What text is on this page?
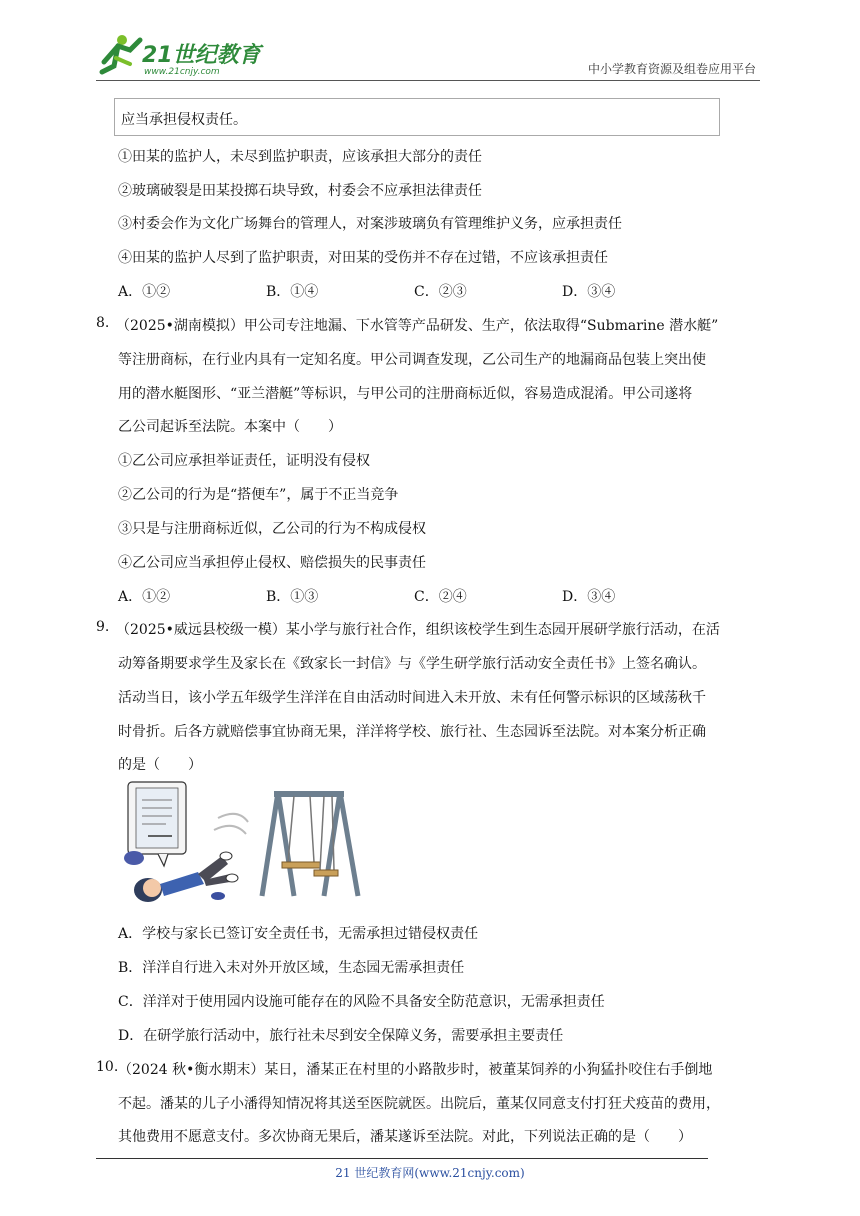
21世纪教育
www.21cnjy.com	中小学教育资源及组卷应用平台
应当承担侵权责任。
①田某的监护人，未尽到监护职责，应该承担大部分的责任
②玻璃破裂是田某投掷石块导致，村委会不应承担法律责任
③村委会作为文化广场舞台的管理人，对案涉玻璃负有管理维护义务，应承担责任
④田某的监护人尽到了监护职责，对田某的受伤并不存在过错，不应该承担责任
A．①②	B．①④	C．②③	D．③④
8. （2025•湖南模拟）甲公司专注地漏、下水管等产品研发、生产，依法取得“Submarine 潜水艇”
等注册商标，在行业内具有一定知名度。甲公司调查发现，乙公司生产的地漏商品包装上突出使
用的潜水艇图形、“亚兰潜艇”等标识，与甲公司的注册商标近似，容易造成混淆。甲公司遂将
乙公司起诉至法院。本案中（　　）
①乙公司应承担举证责任，证明没有侵权
②乙公司的行为是“搭便车”，属于不正当竞争
③只是与注册商标近似，乙公司的行为不构成侵权
④乙公司应当承担停止侵权、赔偿损失的民事责任
A．①②	B．①③	C．②④	D．③④
9. （2025•威远县校级一模）某小学与旅行社合作，组织该校学生到生态园开展研学旅行活动，在活
动筹备期要求学生及家长在《致家长一封信》与《学生研学旅行活动安全责任书》上签名确认。
活动当日，该小学五年级学生洋洋在自由活动时间进入未开放、未有任何警示标识的区域荡秋千
时骨折。后各方就赔偿事宜协商无果，洋洋将学校、旅行社、生态园诉至法院。对本案分析正确
的是（　　）
A．学校与家长已签订安全责任书，无需承担过错侵权责任
B．洋洋自行进入未对外开放区域，生态园无需承担责任
C．洋洋对于使用园内设施可能存在的风险不具备安全防范意识，无需承担责任
D．在研学旅行活动中，旅行社未尽到安全保障义务，需要承担主要责任
10. （2024 秋•衡水期末）某日，潘某正在村里的小路散步时，被董某饲养的小狗猛扑咬住右手倒地
不起。潘某的儿子小潘得知情况将其送至医院就医。出院后，董某仅同意支付打狂犬疫苗的费用，
其他费用不愿意支付。多次协商无果后，潘某遂诉至法院。对此，下列说法正确的是（　　）
21 世纪教育网(www.21cnjy.com)
